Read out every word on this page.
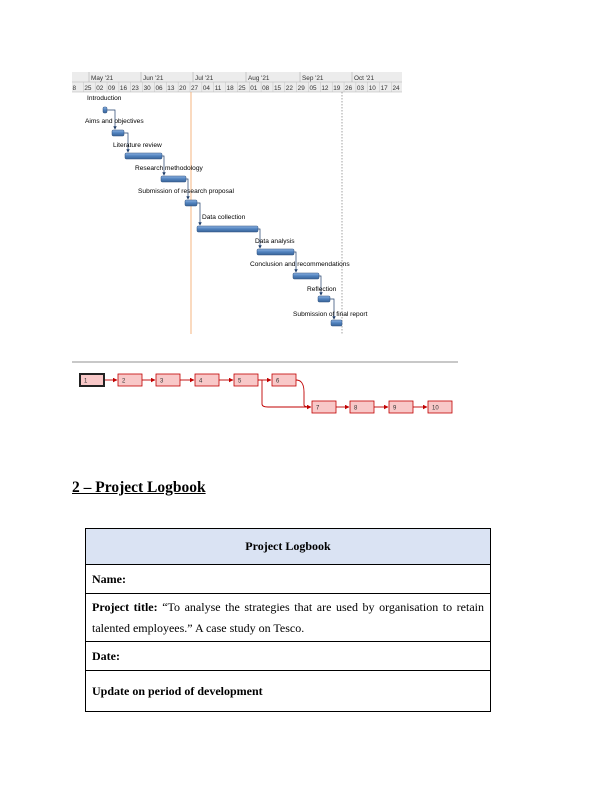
May '21	Jun '21	Jul '21	Aug '21	Sep '21	Oct '21
8 25 02 09 16 23 30 06 13 20 27 04 11 18 25 01 08 15 22 29 05 12 19 26 03 10 17 24
Introduction
Aims and objectives
Literature review
Research methodology
Submission of research proposal
Data collection
Data analysis
Conclusion and recommendations
Reflection
Submission of final report
1	2	3	4	5	6
7	8	9	10
2 – Project Logbook
Project Logbook
Name:
Project title: “To analyse the strategies that are used by organisation to retain talented employees.” A case study on Tesco.
Date:
Update on period of development
